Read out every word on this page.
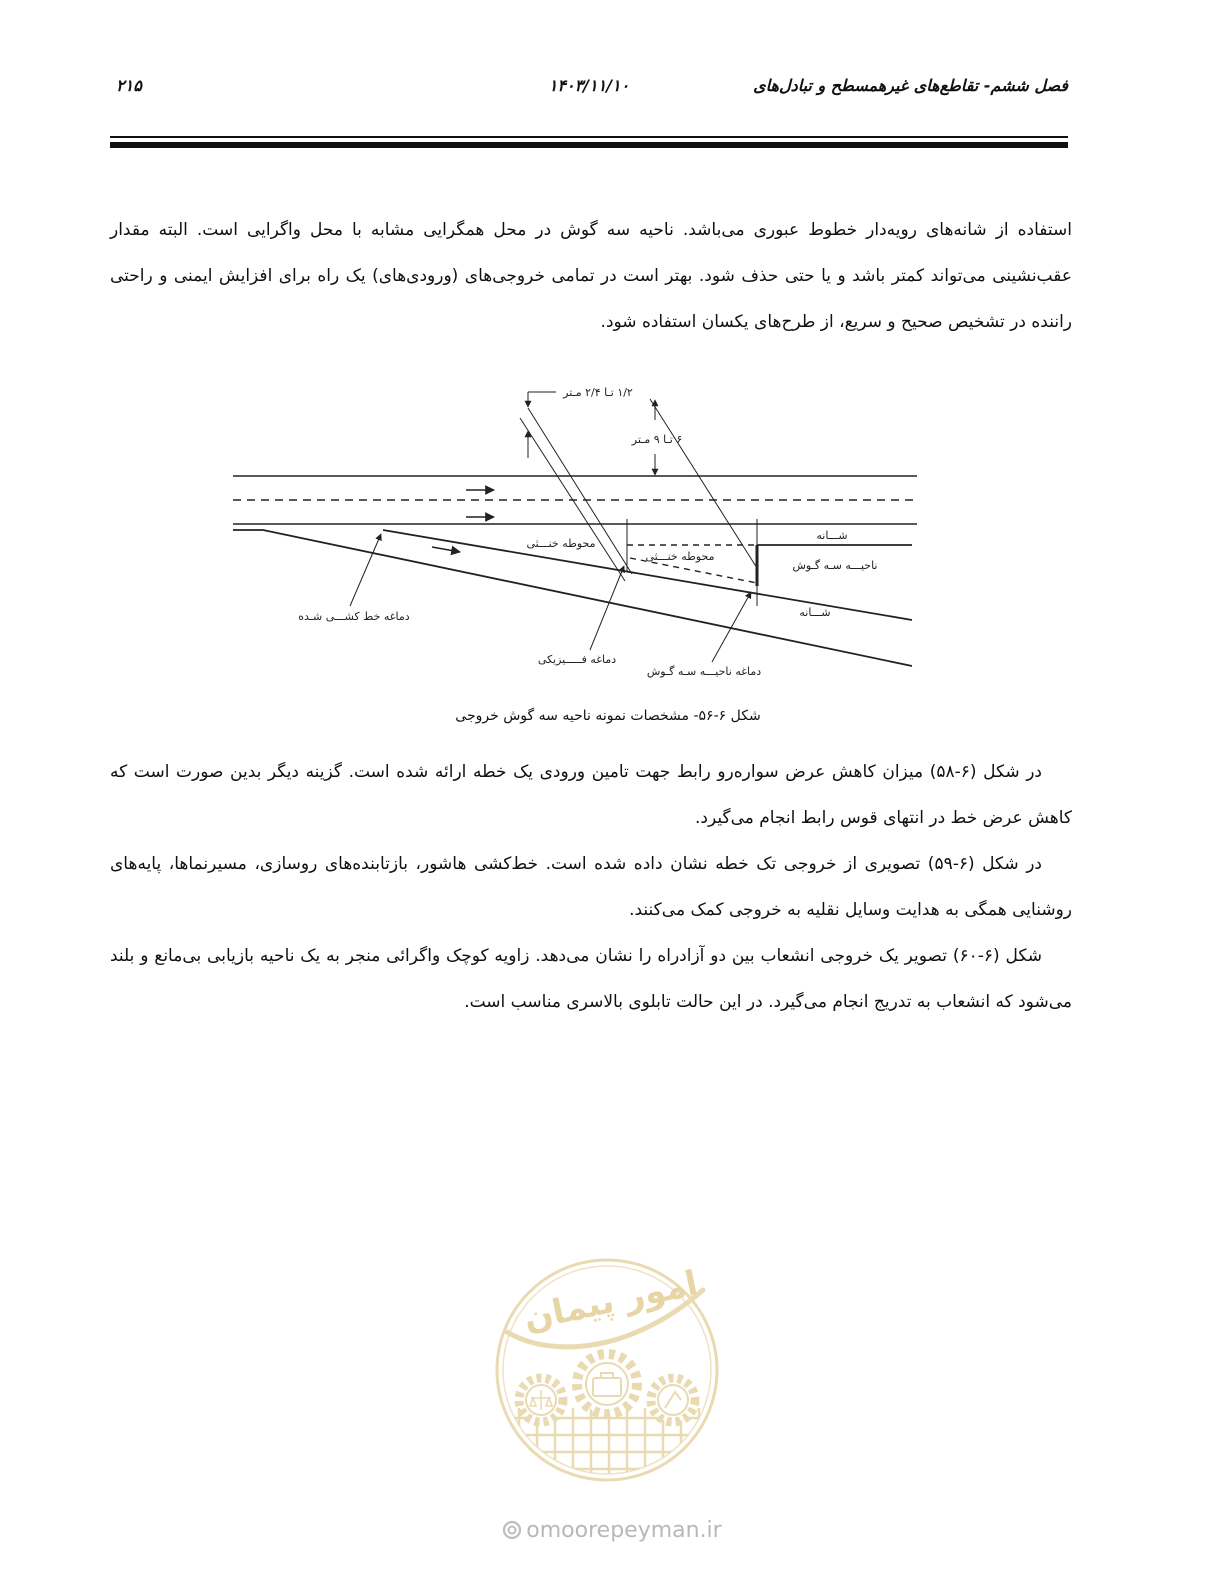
فصل ششم- تقاطع‌های غیرهمسطح و تبادل‌های
۱۴۰۳/۱۱/۱۰
۲۱۵

استفاده از شانه‌های رویه‌دار خطوط عبوری می‌باشد. ناحیه سه گوش در محل همگرایی مشابه با محل واگرایی است. البته مقدار عقب‌نشینی می‌تواند کمتر باشد و یا حتی حذف شود. بهتر است در تمامی خروجی‌های (ورودی‌های) یک راه برای افزایش ایمنی و راحتی راننده در تشخیص صحیح و سریع، از طرح‌های یکسان استفاده شود.

۱/۲ تـا ۲/۴ مـتر
۶ تـا ۹ مـتر
محوطه خنـــثی
محوطه خنـــثی
شـــانه
ناحیـــه سـه گـوش
شـــانه
دماغه خط کشـــی شـده
دماغه فـــــیزیکی
دماغه ناحیـــه سـه گـوش
شکل ۶-۵۶- مشخصات نمونه ناحیه سه گوش خروجی

در شکل (۶-۵۸) میزان کاهش عرض سواره‌رو رابط جهت تامین ورودی یک خطه ارائه شده است. گزینه دیگر بدین صورت است که کاهش عرض خط در انتهای قوس رابط انجام می‌گیرد.

در شکل (۶-۵۹) تصویری از خروجی تک خطه نشان داده شده است. خط‌کشی هاشور، بازتابنده‌های روسازی، مسیرنماها، پایه‌های روشنایی همگی به هدایت وسایل نقلیه به خروجی کمک می‌کنند.

شکل (۶-۶۰) تصویر یک خروجی انشعاب بین دو آزادراه را نشان می‌دهد. زاویه کوچک واگرائی منجر به یک ناحیه بازیابی بی‌مانع و بلند می‌شود که انشعاب به تدریج انجام می‌گیرد. در این حالت تابلوی بالاسری مناسب است.

امور پیمان
omoorepeyman.ir
